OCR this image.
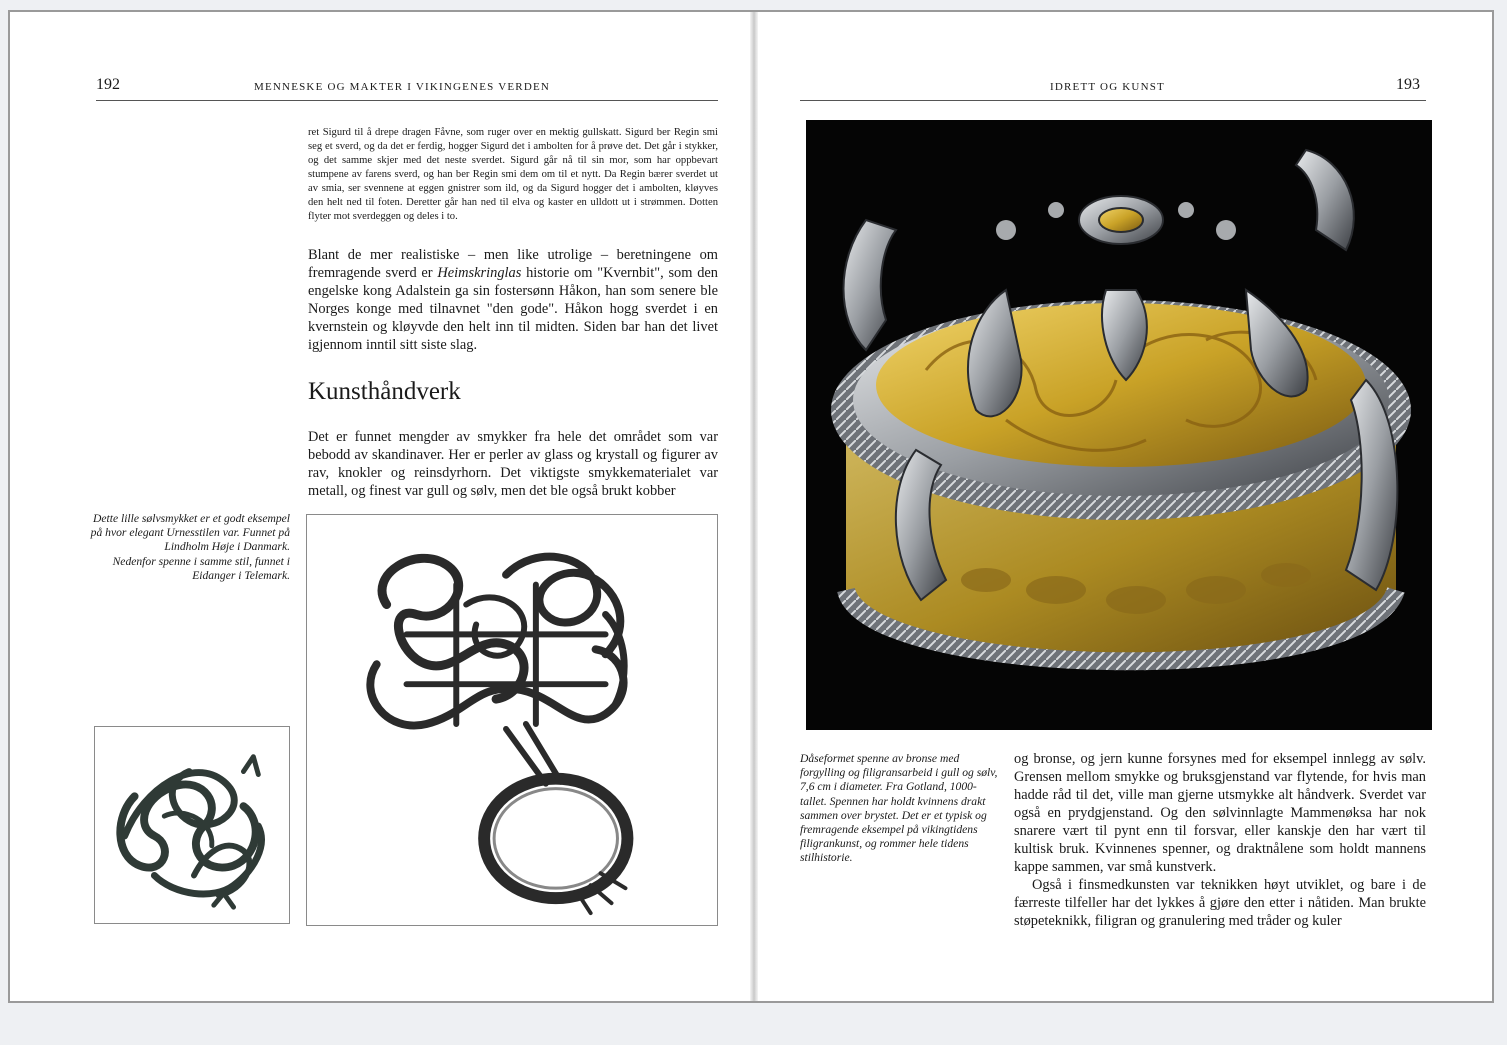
192	MENNESKE OG MAKTER I VIKINGENES VERDEN
ret Sigurd til å drepe dragen Fåvne, som ruger over en mektig gullskatt. Sigurd ber Regin smi seg et sverd, og da det er ferdig, hogger Sigurd det i ambolten for å prøve det. Det går i stykker, og det samme skjer med det neste sverdet. Sigurd går nå til sin mor, som har oppbevart stumpene av farens sverd, og han ber Regin smi dem om til et nytt. Da Regin bærer sverdet ut av smia, ser svennene at eggen gnistrer som ild, og da Sigurd hogger det i ambolten, kløyves den helt ned til foten. Deretter går han ned til elva og kaster en ulldott ut i strømmen. Dotten flyter mot sverdeggen og deles i to.
Blant de mer realistiske – men like utrolige – beretningene om fremragende sverd er Heimskringlas historie om "Kvernbit", som den engelske kong Adalstein ga sin fostersønn Håkon, han som senere ble Norges konge med tilnavnet "den gode". Håkon hogg sverdet i en kvernstein og kløyvde den helt inn til midten. Siden bar han det livet igjennom inntil sitt siste slag.
Kunsthåndverk
Det er funnet mengder av smykker fra hele det området som var bebodd av skandinaver. Her er perler av glass og krystall og figurer av rav, knokler og reinsdyrhorn. Det viktigste smykkematerialet var metall, og finest var gull og sølv, men det ble også brukt kobber
Dette lille sølvsmykket er et godt eksempel på hvor elegant Urnesstilen var. Funnet på Lindholm Høje i Danmark.
Nedenfor spenne i samme stil, funnet i Eidanger i Telemark.
IDRETT OG KUNST	193
Dåseformet spenne av bronse med forgylling og filigransarbeid i gull og sølv, 7,6 cm i diameter. Fra Gotland, 1000-tallet. Spennen har holdt kvinnens drakt sammen over brystet. Det er et typisk og fremragende eksempel på vikingtidens filigrankunst, og rommer hele tidens stilhistorie.

og bronse, og jern kunne forsynes med for eksempel innlegg av sølv. Grensen mellom smykke og bruksgjenstand var flytende, for hvis man hadde råd til det, ville man gjerne utsmykke alt håndverk. Sverdet var også en prydgjenstand. Og den sølvinnlagte Mammenøksa har nok snarere vært til pynt enn til forsvar, eller kanskje den har vært til kultisk bruk. Kvinnenes spenner, og draktnålene som holdt mannens kappe sammen, var små kunstverk.

Også i finsmedkunsten var teknikken høyt utviklet, og bare i de færreste tilfeller har det lykkes å gjøre den etter i nåtiden. Man brukte støpeteknikk, filigran og granulering med tråder og kuler
